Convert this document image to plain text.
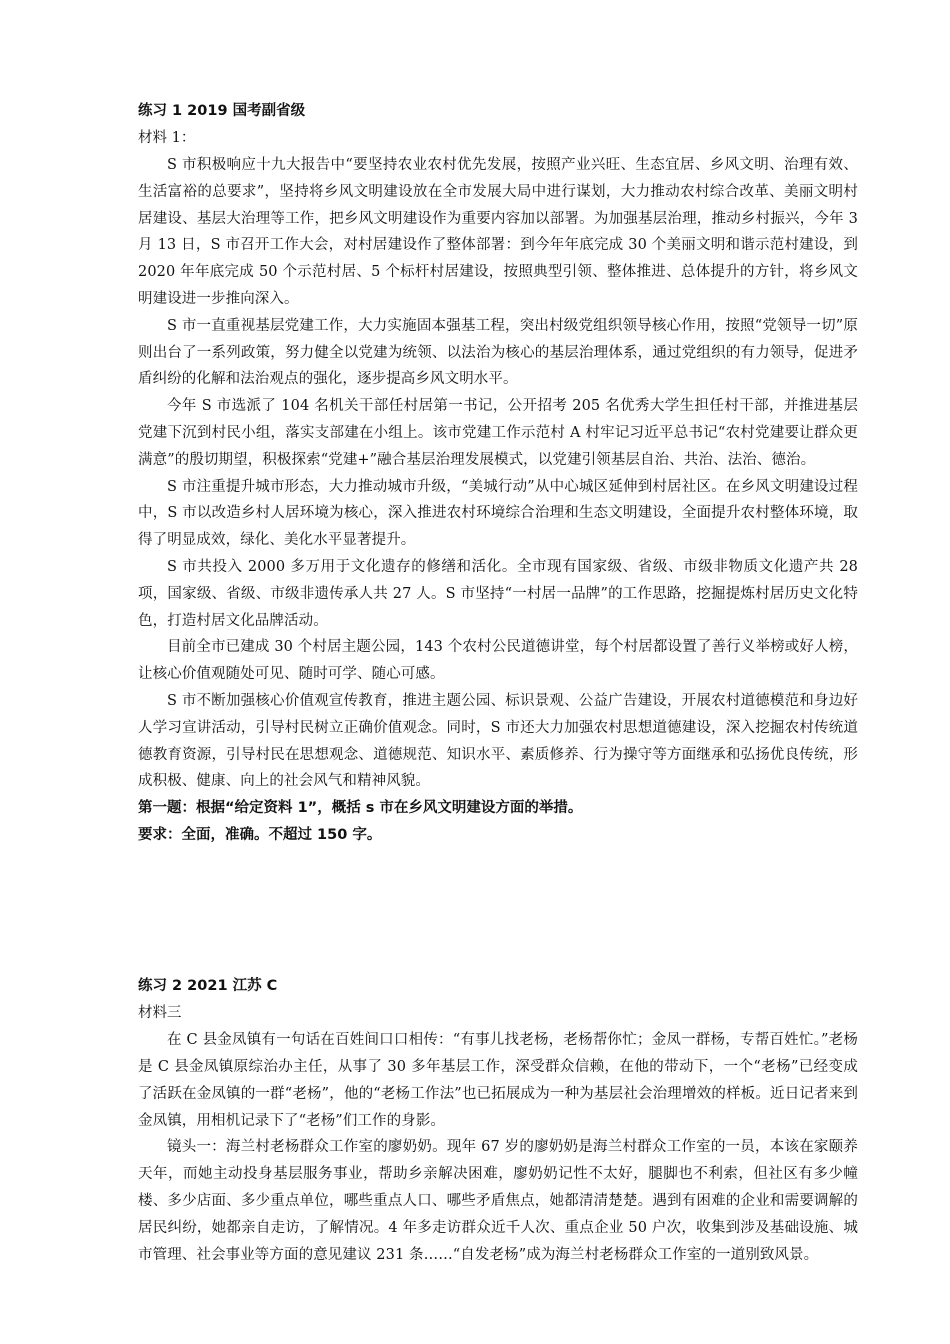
练习 1 2019 国考副省级

材料 1：

S 市积极响应十九大报告中“要坚持农业农村优先发展，按照产业兴旺、生态宜居、乡风文明、治理有效、生活富裕的总要求”，坚持将乡风文明建设放在全市发展大局中进行谋划，大力推动农村综合改革、美丽文明村居建设、基层大治理等工作，把乡风文明建设作为重要内容加以部署。为加强基层治理，推动乡村振兴，今年 3 月 13 日，S 市召开工作大会，对村居建设作了整体部署：到今年年底完成 30 个美丽文明和谐示范村建设，到 2020 年年底完成 50 个示范村居、5 个标杆村居建设，按照典型引领、整体推进、总体提升的方针，将乡风文明建设进一步推向深入。

S 市一直重视基层党建工作，大力实施固本强基工程，突出村级党组织领导核心作用，按照“党领导一切”原则出台了一系列政策，努力健全以党建为统领、以法治为核心的基层治理体系，通过党组织的有力领导，促进矛盾纠纷的化解和法治观点的强化，逐步提高乡风文明水平。

今年 S 市选派了 104 名机关干部任村居第一书记，公开招考 205 名优秀大学生担任村干部，并推进基层党建下沉到村民小组，落实支部建在小组上。该市党建工作示范村 A 村牢记习近平总书记“农村党建要让群众更满意”的殷切期望，积极探索“党建+”融合基层治理发展模式，以党建引领基层自治、共治、法治、德治。

S 市注重提升城市形态，大力推动城市升级，“美城行动”从中心城区延伸到村居社区。在乡风文明建设过程中，S 市以改造乡村人居环境为核心，深入推进农村环境综合治理和生态文明建设，全面提升农村整体环境，取得了明显成效，绿化、美化水平显著提升。

S 市共投入 2000 多万用于文化遗存的修缮和活化。全市现有国家级、省级、市级非物质文化遗产共 28 项，国家级、省级、市级非遗传承人共 27 人。S 市坚持“一村居一品牌”的工作思路，挖掘提炼村居历史文化特色，打造村居文化品牌活动。

目前全市已建成 30 个村居主题公园，143 个农村公民道德讲堂，每个村居都设置了善行义举榜或好人榜，让核心价值观随处可见、随时可学、随心可感。

S 市不断加强核心价值观宣传教育，推进主题公园、标识景观、公益广告建设，开展农村道德模范和身边好人学习宣讲活动，引导村民树立正确价值观念。同时，S 市还大力加强农村思想道德建设，深入挖掘农村传统道德教育资源，引导村民在思想观念、道德规范、知识水平、素质修养、行为操守等方面继承和弘扬优良传统，形成积极、健康、向上的社会风气和精神风貌。

第一题：根据“给定资料 1”，概括 s 市在乡风文明建设方面的举措。

要求：全面，准确。不超过 150 字。

练习 2 2021 江苏 C

材料三

在 C 县金凤镇有一句话在百姓间口口相传：“有事儿找老杨，老杨帮你忙；金凤一群杨，专帮百姓忙。”老杨是 C 县金凤镇原综治办主任，从事了 30 多年基层工作，深受群众信赖，在他的带动下，一个“老杨”已经变成了活跃在金凤镇的一群“老杨”，他的“老杨工作法”也已拓展成为一种为基层社会治理增效的样板。近日记者来到金凤镇，用相机记录下了“老杨”们工作的身影。

镜头一：海兰村老杨群众工作室的廖奶奶。现年 67 岁的廖奶奶是海兰村群众工作室的一员，本该在家颐养天年，而她主动投身基层服务事业，帮助乡亲解决困难，廖奶奶记性不太好，腿脚也不利索，但社区有多少幢楼、多少店面、多少重点单位，哪些重点人口、哪些矛盾焦点，她都清清楚楚。遇到有困难的企业和需要调解的居民纠纷，她都亲自走访，了解情况。4 年多走访群众近千人次、重点企业 50 户次，收集到涉及基础设施、城市管理、社会事业等方面的意见建议 231 条……“自发老杨”成为海兰村老杨群众工作室的一道别致风景。
